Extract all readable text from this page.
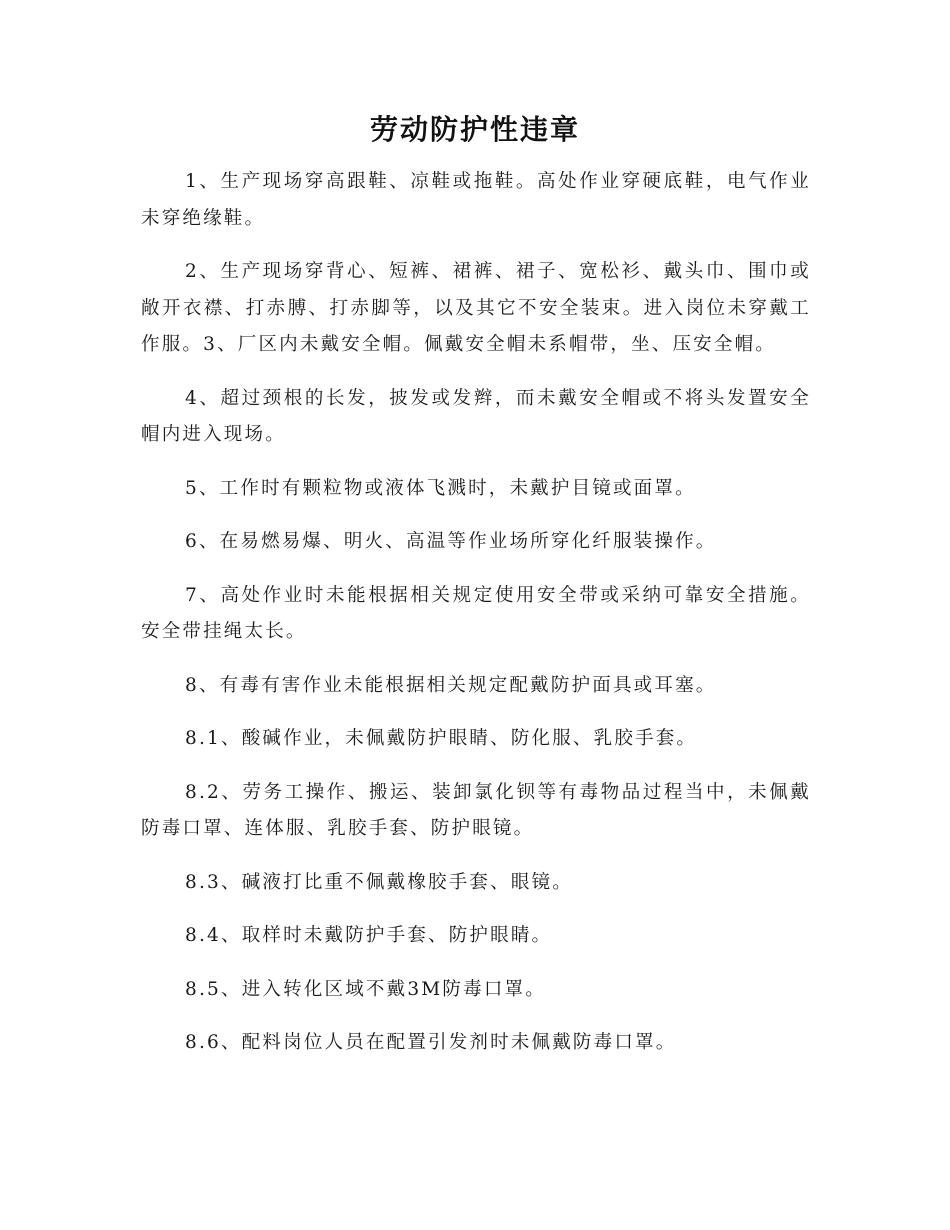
劳动防护性违章

1、生产现场穿高跟鞋、凉鞋或拖鞋。高处作业穿硬底鞋，电气作业未穿绝缘鞋。

2、生产现场穿背心、短裤、裙裤、裙子、宽松衫、戴头巾、围巾或敞开衣襟、打赤膊、打赤脚等，以及其它不安全装束。进入岗位未穿戴工作服。3、厂区内未戴安全帽。佩戴安全帽未系帽带，坐、压安全帽。

4、超过颈根的长发，披发或发辫，而未戴安全帽或不将头发置安全帽内进入现场。

5、工作时有颗粒物或液体飞溅时，未戴护目镜或面罩。

6、在易燃易爆、明火、高温等作业场所穿化纤服装操作。

7、高处作业时未能根据相关规定使用安全带或采纳可靠安全措施。安全带挂绳太长。

8、有毒有害作业未能根据相关规定配戴防护面具或耳塞。

8.1、酸碱作业，未佩戴防护眼睛、防化服、乳胶手套。

8.2、劳务工操作、搬运、装卸氯化钡等有毒物品过程当中，未佩戴防毒口罩、连体服、乳胶手套、防护眼镜。

8.3、碱液打比重不佩戴橡胶手套、眼镜。

8.4、取样时未戴防护手套、防护眼睛。

8.5、进入转化区域不戴3M防毒口罩。

8.6、配料岗位人员在配置引发剂时未佩戴防毒口罩。
